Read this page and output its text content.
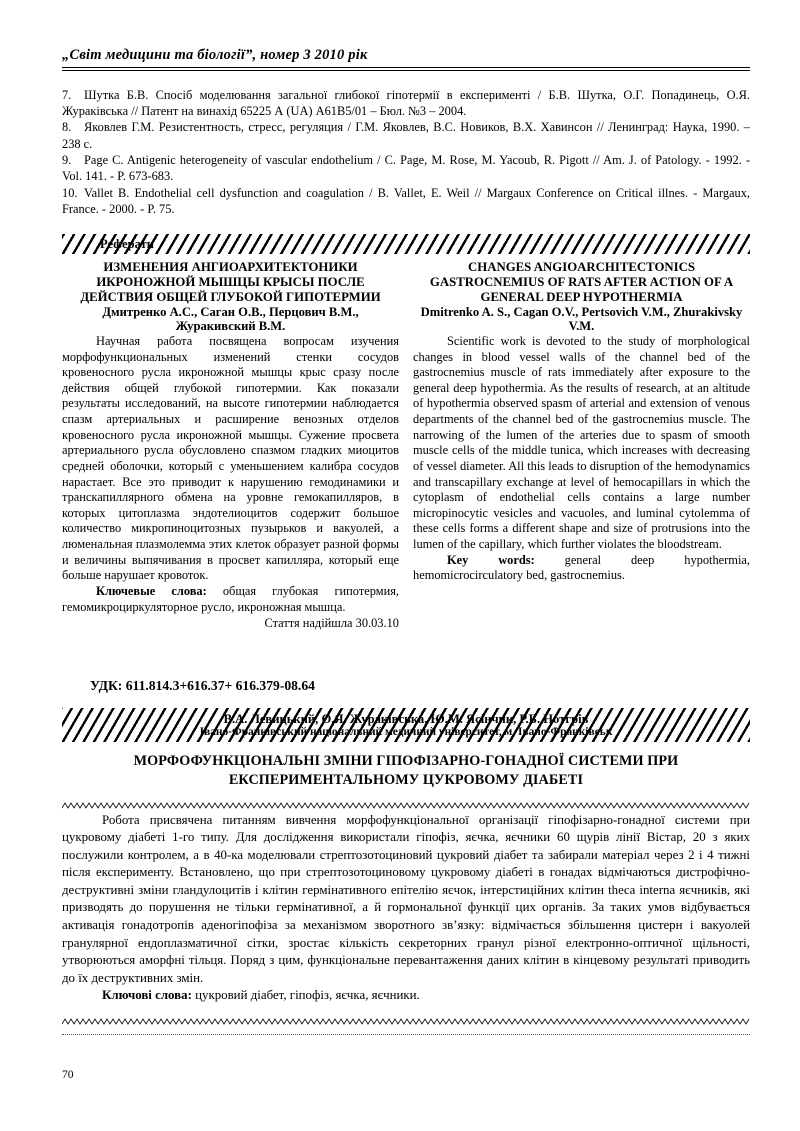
„Світ медицини та біології”, номер 3 2010 рік

7. Шутка Б.В. Спосіб моделювання загальної глибокої гіпотермії в експерименті / Б.В. Шутка, О.Г. Попадинець, О.Я. Жураківська // Патент на винахід 65225 А (UA) А61В5/01 – Бюл. №3 – 2004.

8. Яковлев Г.М. Резистентность, стресс, регуляция / Г.М. Яковлев, В.С. Новиков, В.Х. Хавинсон // Ленинград: Наука, 1990. – 238 с.

9. Page C. Antigenic heterogeneity of vascular endothelium / C. Page, M. Rose, M. Yacoub, R. Pigott // Am. J. of Patology. - 1992. - Vol. 141. - P. 673-683.

10. Vallet B. Endothelial cell dysfunction and coagulation / B. Vallet, E. Weil // Margaux Conference on Critical illnes. - Margaux, France. - 2000. - P. 75.

Реферати

ИЗМЕНЕНИЯ АНГИОАРХИТЕКТОНИКИ ИКРОНОЖНОЙ МЫШЦЫ КРЫСЫ ПОСЛЕ ДЕЙСТВИЯ ОБЩЕЙ ГЛУБОКОЙ ГИПОТЕРМИИ

Дмитренко А.С., Саган О.В., Перцович В.М., Журакивский В.М.

Научная работа посвящена вопросам изучения морфофункциональных изменений стенки сосудов кровеносного русла икроножной мышцы крыс сразу после действия общей глубокой гипотермии. Как показали результаты исследований, на высоте гипотермии наблюдается спазм артериальных и расширение венозных отделов кровеносного русла икроножной мышцы. Сужение просвета артериального русла обусловлено спазмом гладких миоцитов средней оболочки, который с уменьшением калибра сосудов нарастает. Все это приводит к нарушению гемодинамики и транскапиллярного обмена на уровне гемокапилляров, в которых цитоплазма эндотелиоцитов содержит большое количество микропиноцитозных пузырьков и вакуолей, а люменальная плазмолемма этих клеток образует разной формы и величины выпячивания в просвет капилляра, который еще больше нарушает кровоток.

Ключевые слова: общая глубокая гипотермия, гемомикроциркуляторное русло, икроножная мышца.

Стаття надійшла 30.03.10

CHANGES ANGIOARCHITECTONICS GASTROCNEMIUS OF RATS AFTER ACTION OF A GENERAL DEEP HYPOTHERMIA

Dmitrenko A. S., Cagan O.V., Pertsovich V.M., Zhurakivsky V.M.

Scientific work is devoted to the study of morphological changes in blood vessel walls of the channel bed of the gastrocnemius muscle of rats immediately after exposure to the general deep hypothermia. As the results of research, at an altitude of hypothermia observed spasm of arterial and extension of venous departments of the channel bed of the gastrocnemius muscle. The narrowing of the lumen of the arteries due to spasm of smooth muscle cells of the middle tunica, which increases with decreasing of vessel diameter. All this leads to disruption of the hemodynamics and transcapillary exchange at level of hemocapillars in which the cytoplasm of endothelial cells contains a large number micropinocytic vesicles and vacuoles, and luminal cytolemma of these cells forms a different shape and size of protrusions into the lumen of the capillary, which further violates the bloodstream.

Key words: general deep hypothermia, hemomicrocirculatory bed, gastrocnemius.

УДК: 611.814.3+616.37+ 616.379-08.64
В.А. Левицький, О.Я. Жураківська, Ю.М. Ясінчик, Р.Б. Нотгрів
Івано-Франківський національний медичний університет, м. Івано-Франківськ

МОРФОФУНКЦІОНАЛЬНІ ЗМІНИ ГІПОФІЗАРНО-ГОНАДНОЇ СИСТЕМИ ПРИ ЕКСПЕРИМЕНТАЛЬНОМУ ЦУКРОВОМУ ДІАБЕТІ

Робота присвячена питанням вивчення морфофункціональної організації гіпофізарно-гонадної системи при цукровому діабеті 1-го типу. Для дослідження використали гіпофіз, яєчка, яєчники 60 щурів лінії Вістар, 20 з яких послужили контролем, а в 40-ка моделювали стрептозотоциновий цукровий діабет та забирали матеріал через 2 і 4 тижні після експерименту. Встановлено, що при стрептозотоциновому цукровому діабеті в гонадах відмічаються дистрофічно-деструктивні зміни гландулоцитів і клітин гермінативного епітелію яєчок, інтерстиційних клітин theca interna яєчників, які призводять до порушення не тільки гермінативної, а й гормональної функції цих органів. За таких умов відбувається активація гонадотропів аденогіпофіза за механізмом зворотного зв’язку: відмічається збільшення цистерн і вакуолей гранулярної ендоплазматичної сітки, зростає кількість секреторних гранул різної електронно-оптичної щільності, утворюються аморфні тільця. Поряд з цим, функціональне перевантаження даних клітин в кінцевому результаті приводить до їх деструктивних змін.

Ключові слова: цукровий діабет, гіпофіз, яєчка, яєчники.

70
